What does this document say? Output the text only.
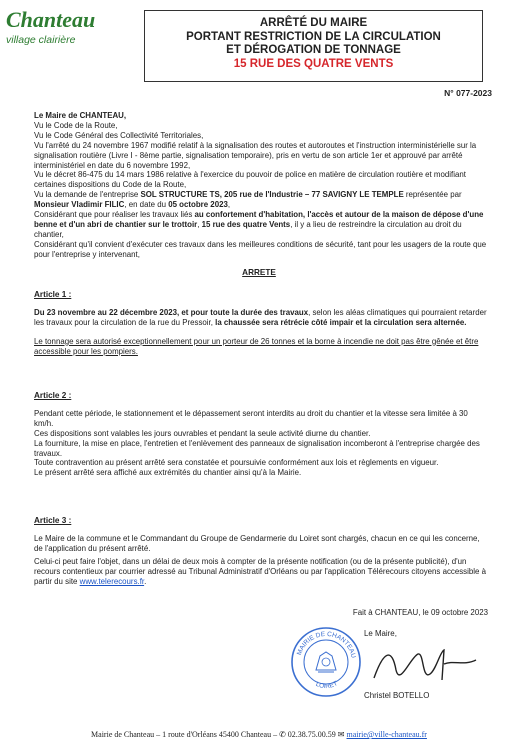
Chanteau
village clairière
ARRÊTÉ DU MAIRE
PORTANT RESTRICTION DE LA CIRCULATION
ET DÉROGATION DE TONNAGE
15 RUE DES QUATRE VENTS
N° 077-2023
Le Maire de CHANTEAU,
Vu le Code de la Route,
Vu le Code Général des Collectivité Territoriales,
Vu l'arrêté du 24 novembre 1967 modifié relatif à la signalisation des routes et autoroutes et l'instruction interministérielle sur la signalisation routière (Livre I - 8ème partie, signalisation temporaire), pris en vertu de son article 1er et approuvé par arrêté interministériel en date du 6 novembre 1992,
Vu le décret 86-475 du 14 mars 1986 relative à l'exercice du pouvoir de police en matière de circulation routière et modifiant certaines dispositions du Code de la Route,
Vu la demande de l'entreprise SOL STRUCTURE TS, 205 rue de l'Industrie – 77 SAVIGNY LE TEMPLE représentée par Monsieur Vladimir FILIC, en date du 05 octobre 2023,
Considérant que pour réaliser les travaux liés au confortement d'habitation, l'accès et autour de la maison de dépose d'une benne et d'un abri de chantier sur le trottoir, 15 rue des quatre Vents, il y a lieu de restreindre la circulation au droit du chantier,
Considérant qu'il convient d'exécuter ces travaux dans les meilleures conditions de sécurité, tant pour les usagers de la route que pour l'entreprise y intervenant,
ARRETE
Article 1 :
Du 23 novembre au 22 décembre 2023, et pour toute la durée des travaux, selon les aléas climatiques qui pourraient retarder les travaux pour la circulation de la rue du Pressoir, la chaussée sera rétrécie côté impair et la circulation sera alternée.
Le tonnage sera autorisé exceptionnellement pour un porteur de 26 tonnes et la borne à incendie ne doit pas être gênée et être accessible pour les pompiers.
Article 2 :
Pendant cette période, le stationnement et le dépassement seront interdits au droit du chantier et la vitesse sera limitée à 30 km/h.
Ces dispositions sont valables les jours ouvrables et pendant la seule activité diurne du chantier.
La fourniture, la mise en place, l'entretien et l'enlèvement des panneaux de signalisation incomberont à l'entreprise chargée des travaux.
Toute contravention au présent arrêté sera constatée et poursuivie conformément aux lois et règlements en vigueur.
Le présent arrêté sera affiché aux extrémités du chantier ainsi qu'à la Mairie.
Article 3 :
Le Maire de la commune et le Commandant du Groupe de Gendarmerie du Loiret sont chargés, chacun en ce qui les concerne, de l'application du présent arrêté.
Celui-ci peut faire l'objet, dans un délai de deux mois à compter de la présente notification (ou de la présente publicité), d'un recours contentieux par courrier adressé au Tribunal Administratif d'Orléans ou par l'application Télérecours citoyens accessible à partir du site www.telerecours.fr.
Fait à CHANTEAU, le 09 octobre 2023
MAIRIE DE CHANTEAU
LOIRET
Le Maire,
Christel BOTELLO
Mairie de Chanteau – 1 route d'Orléans 45400 Chanteau – ✆ 02.38.75.00.59 ✉ mairie@ville-chanteau.fr
